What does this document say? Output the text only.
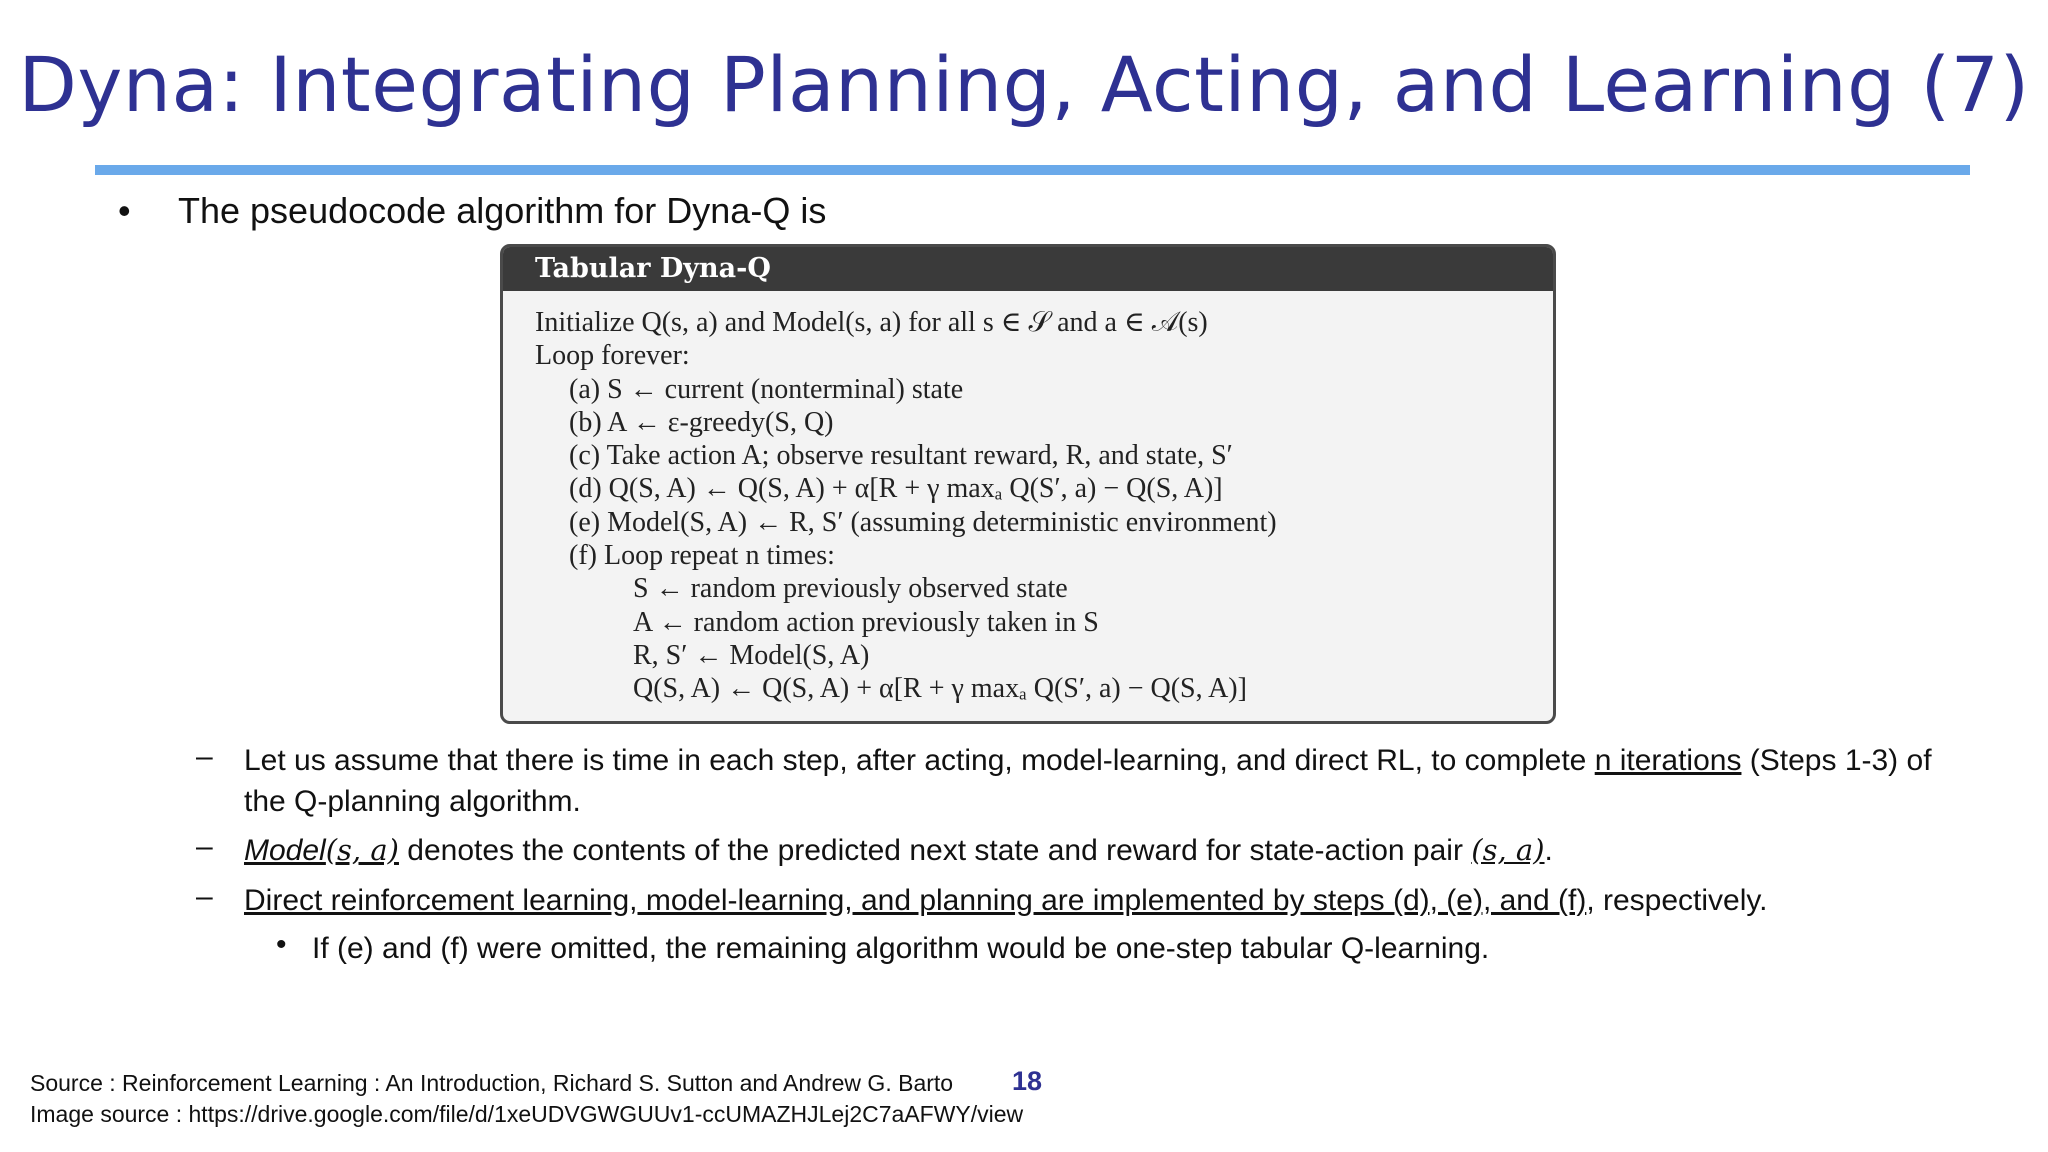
Dyna: Integrating Planning, Acting, and Learning (7)
• The pseudocode algorithm for Dyna-Q is
Tabular Dyna-Q
Initialize Q(s, a) and Model(s, a) for all s ∈ 𝒮 and a ∈ 𝒜(s)
Loop forever:
(a) S ← current (nonterminal) state
(b) A ← ε-greedy(S, Q)
(c) Take action A; observe resultant reward, R, and state, S′
(d) Q(S, A) ← Q(S, A) + α[R + γ maxₐ Q(S′, a) − Q(S, A)]
(e) Model(S, A) ← R, S′ (assuming deterministic environment)
(f) Loop repeat n times:
S ← random previously observed state
A ← random action previously taken in S
R, S′ ← Model(S, A)
Q(S, A) ← Q(S, A) + α[R + γ maxₐ Q(S′, a) − Q(S, A)]
– Let us assume that there is time in each step, after acting, model-learning, and direct RL, to complete n iterations (Steps 1-3) of the Q-planning algorithm.
– Model(s, a) denotes the contents of the predicted next state and reward for state-action pair (s, a).
– Direct reinforcement learning, model-learning, and planning are implemented by steps (d), (e), and (f), respectively.
• If (e) and (f) were omitted, the remaining algorithm would be one-step tabular Q-learning.
Source : Reinforcement Learning : An Introduction, Richard S. Sutton and Andrew G. Barto 18
Image source : https://drive.google.com/file/d/1xeUDVGWGUUv1-ccUMAZHJLej2C7aAFWY/view
